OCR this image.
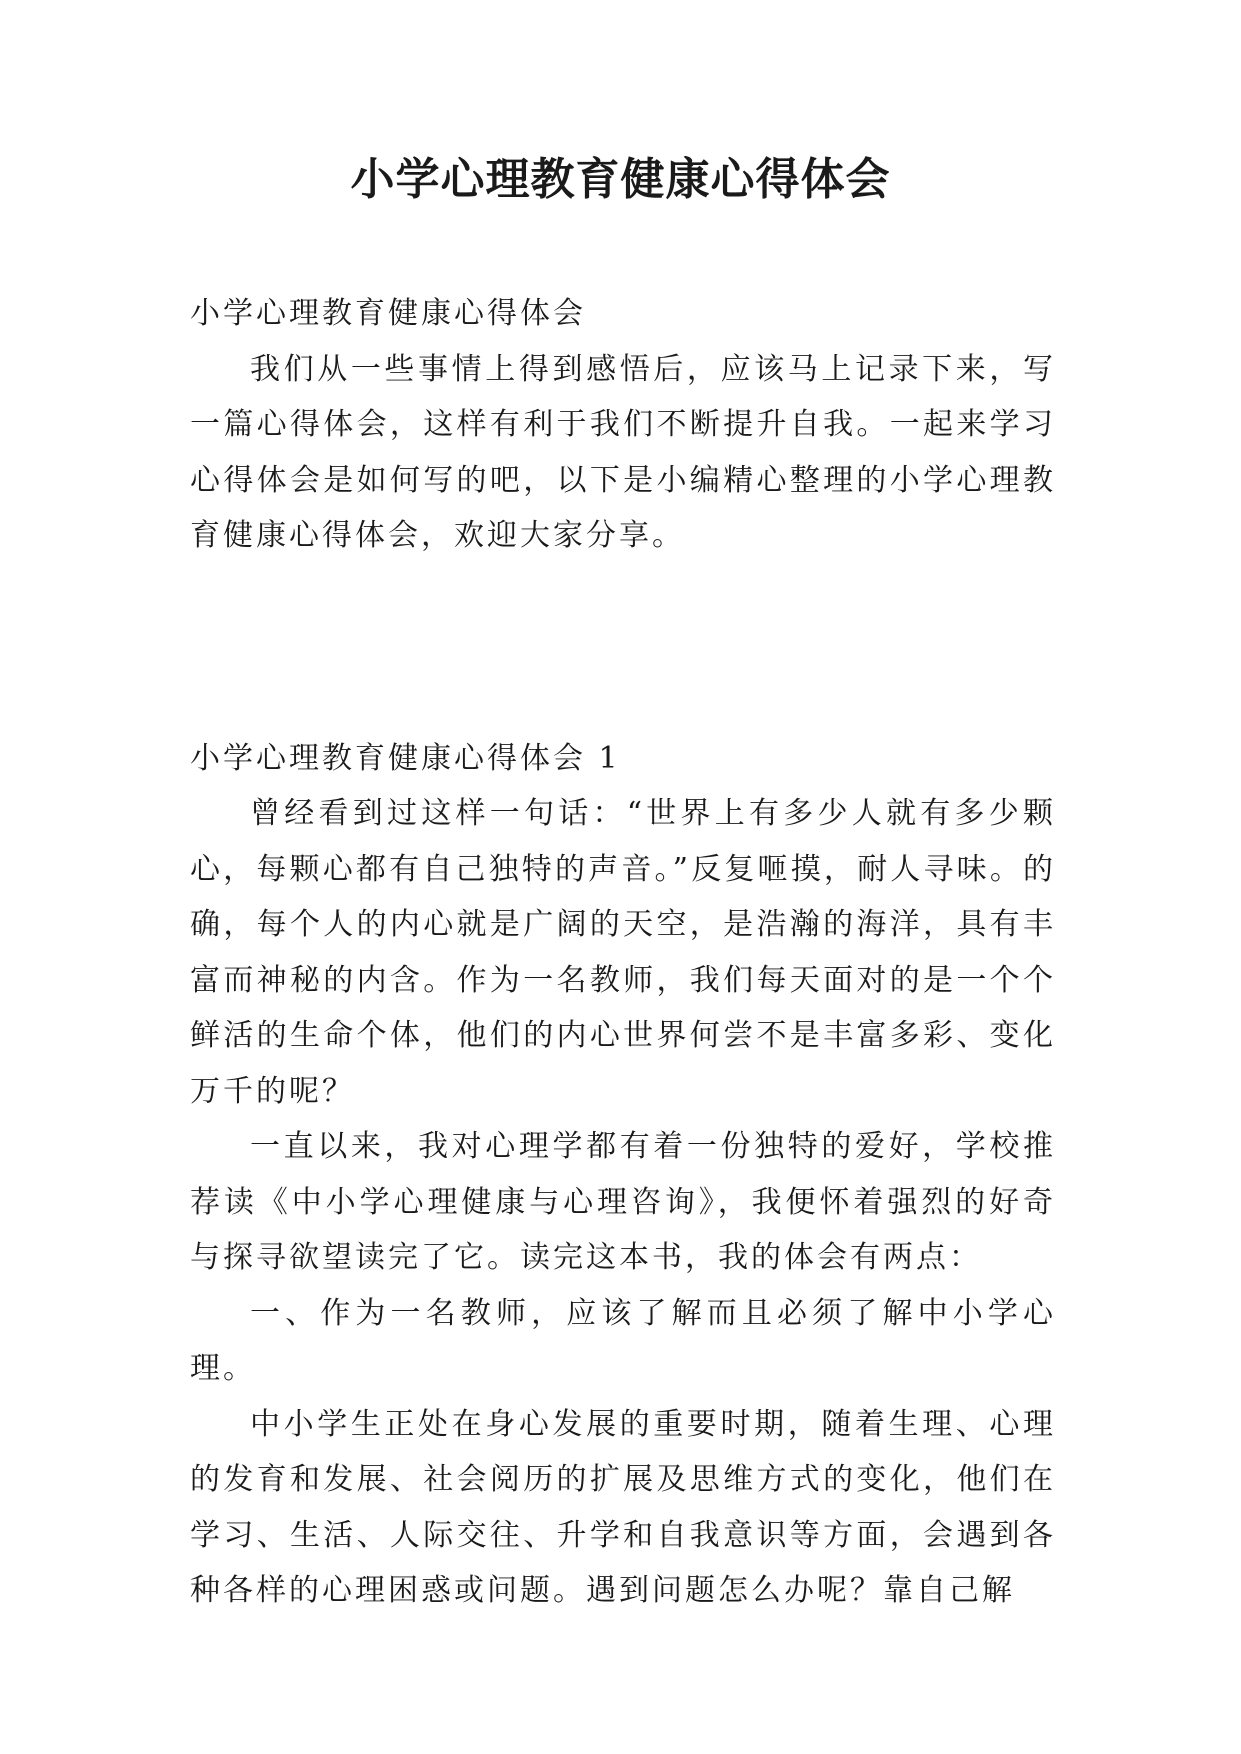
小学心理教育健康心得体会

小学心理教育健康心得体会

我们从一些事情上得到感悟后，应该马上记录下来，写一篇心得体会，这样有利于我们不断提升自我。一起来学习心得体会是如何写的吧，以下是小编精心整理的小学心理教育健康心得体会，欢迎大家分享。

小学心理教育健康心得体会 1

曾经看到过这样一句话：“世界上有多少人就有多少颗心，每颗心都有自己独特的声音。”反复咂摸，耐人寻味。的确，每个人的内心就是广阔的天空，是浩瀚的海洋，具有丰富而神秘的内含。作为一名教师，我们每天面对的是一个个鲜活的生命个体，他们的内心世界何尝不是丰富多彩、变化万千的呢？

一直以来，我对心理学都有着一份独特的爱好，学校推荐读《中小学心理健康与心理咨询》，我便怀着强烈的好奇与探寻欲望读完了它。读完这本书，我的体会有两点：

一、作为一名教师，应该了解而且必须了解中小学心理。

中小学生正处在身心发展的重要时期，随着生理、心理的发育和发展、社会阅历的扩展及思维方式的变化，他们在学习、生活、人际交往、升学和自我意识等方面，会遇到各种各样的心理困惑或问题。遇到问题怎么办呢？靠自己解
